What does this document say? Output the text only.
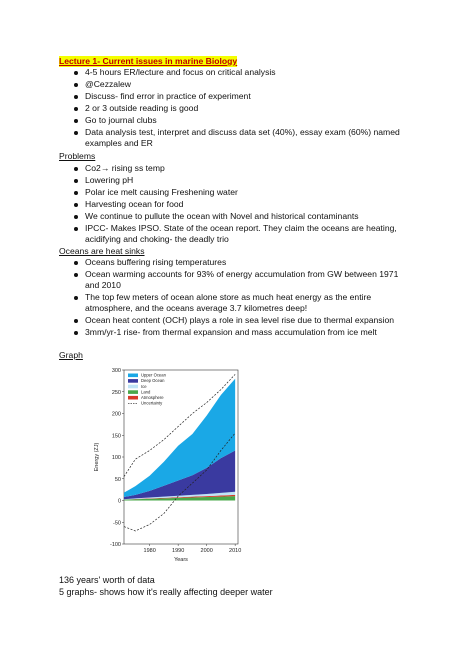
Lecture 1- Current issues in marine Biology
4-5 hours ER/lecture and focus on critical analysis
@Cezzalew
Discuss- find error in practice of experiment
2 or 3 outside reading is good
Go to journal clubs
Data analysis test, interpret and discuss data set (40%), essay exam (60%) named
examples and ER
Problems
Co2→ rising ss temp
Lowering pH
Polar ice melt causing Freshening water
Harvesting ocean for food
We continue to pullute the ocean with Novel and historical contaminants
IPCC- Makes IPSO. State of the ocean report. They claim the oceans are heating,
acidifying and choking- the deadly trio
Oceans are heat sinks
Oceans buffering rising temperatures
Ocean warming accounts for 93% of energy accumulation from GW between 1971
and 2010
The top few meters of ocean alone store as much heat energy as the entire
atmosphere, and the oceans average 3.7 kilometres deep!
Ocean heat content (OCH) plays a role in sea level rise due to thermal expansion
3mm/yr-1 rise- from thermal expansion and mass accumulation from ice melt
Graph
300
250
200
150
100
50
0
-50
-100
1980	1990	2000	2010
Years
Energy (ZJ)
Upper Ocean
Deep Ocean
Ice
Land
Atmosphere
Uncertainty
136 years' worth of data
5 graphs- shows how it's really affecting deeper water
